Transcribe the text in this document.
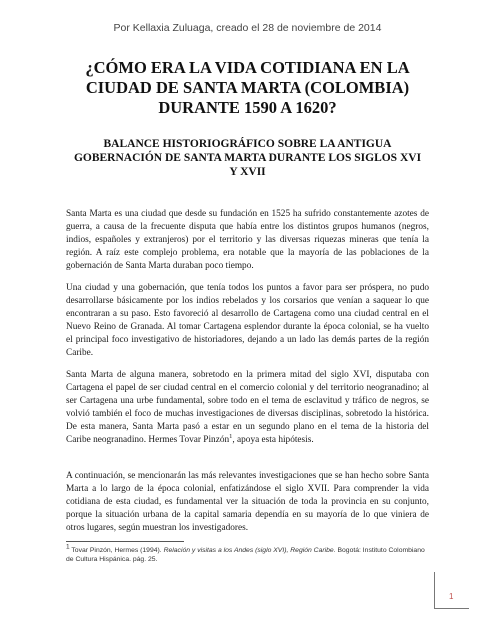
Por Kellaxia Zuluaga, creado el 28 de noviembre de 2014
¿CÓMO ERA LA VIDA COTIDIANA EN LA
CIUDAD DE SANTA MARTA (COLOMBIA)
DURANTE 1590 A 1620?
BALANCE HISTORIOGRÁFICO SOBRE LA ANTIGUA
GOBERNACIÓN DE SANTA MARTA DURANTE LOS SIGLOS XVI
Y XVII

Santa Marta es una ciudad que desde su fundación en 1525 ha sufrido constantemente azotes de guerra, a causa de la frecuente disputa que había entre los distintos grupos humanos (negros, indios, españoles y extranjeros) por el territorio y las diversas riquezas mineras que tenía la región. A raíz este complejo problema, era notable que la mayoría de las poblaciones de la gobernación de Santa Marta duraban poco tiempo.

Una ciudad y una gobernación, que tenía todos los puntos a favor para ser próspera, no pudo desarrollarse básicamente por los indios rebelados y los corsarios que venían a saquear lo que encontraran a su paso. Esto favoreció al desarrollo de Cartagena como una ciudad central en el Nuevo Reino de Granada. Al tomar Cartagena esplendor durante la época colonial, se ha vuelto el principal foco investigativo de historiadores, dejando a un lado las demás partes de la región Caribe.

Santa Marta de alguna manera, sobretodo en la primera mitad del siglo XVI, disputaba con Cartagena el papel de ser ciudad central en el comercio colonial y del territorio neogranadino; al ser Cartagena una urbe fundamental, sobre todo en el tema de esclavitud y tráfico de negros, se volvió también el foco de muchas investigaciones de diversas disciplinas, sobretodo la histórica. De esta manera, Santa Marta pasó a estar en un segundo plano en el tema de la historia del Caribe neogranadino. Hermes Tovar Pinzón$^1$, apoya esta hipótesis.

A continuación, se mencionarán las más relevantes investigaciones que se han hecho sobre Santa Marta a lo largo de la época colonial, enfatizándose el siglo XVII. Para comprender la vida cotidiana de esta ciudad, es fundamental ver la situación de toda la provincia en su conjunto, porque la situación urbana de la capital samaria dependía en su mayoría de lo que viniera de otros lugares, según muestran los investigadores.

$^1$ Tovar Pinzón, Hermes (1994). Relación y visitas a los Andes (siglo XVI), Región Caribe. Bogotá: Instituto Colombiano de Cultura Hispánica. pág. 25.

1
